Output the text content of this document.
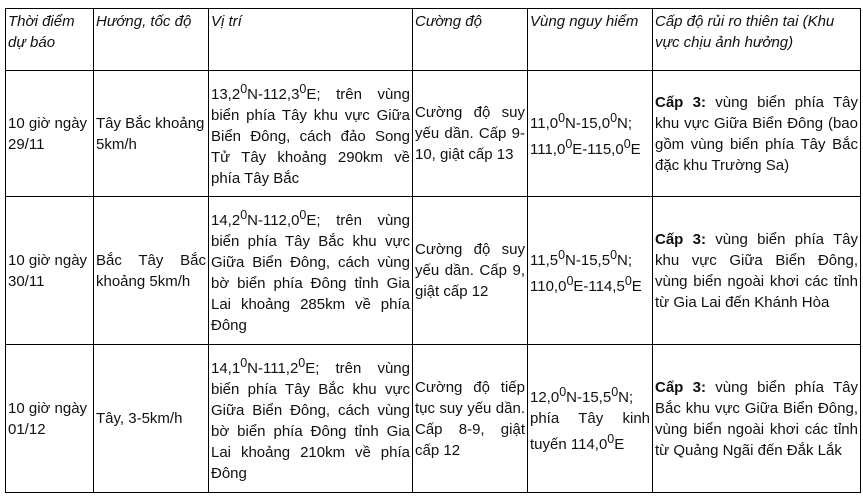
Thời điểm dự báo	Hướng, tốc độ	Vị trí	Cường độ	Vùng nguy hiểm	Cấp độ rủi ro thiên tai (Khu vực chịu ảnh hưởng)
10 giờ ngày 29/11	Tây Bắc khoảng 5km/h	13,2$^0$N-112,3$^0$E; trên vùng biển phía Tây khu vực Giữa Biển Đông, cách đảo Song Tử Tây khoảng 290km về phía Tây Bắc	Cường độ suy yếu dần. Cấp 9-10, giật cấp 13	11,0$^0$N-15,0$^0$N; 111,0$^0$E-115,0$^0$E	Cấp 3: vùng biển phía Tây khu vực Giữa Biển Đông (bao gồm vùng biển phía Tây Bắc đặc khu Trường Sa)
10 giờ ngày 30/11	Bắc Tây Bắc khoảng 5km/h	14,2$^0$N-112,0$^0$E; trên vùng biển phía Tây Bắc khu vực Giữa Biển Đông, cách vùng bờ biển phía Đông tỉnh Gia Lai khoảng 285km về phía Đông	Cường độ suy yếu dần. Cấp 9, giật cấp 12	11,5$^0$N-15,5$^0$N; 110,0$^0$E-114,5$^0$E	Cấp 3: vùng biển phía Tây khu vực Giữa Biển Đông, vùng biển ngoài khơi các tỉnh từ Gia Lai đến Khánh Hòa
10 giờ ngày 01/12	Tây, 3-5km/h	14,1$^0$N-111,2$^0$E; trên vùng biển phía Tây Bắc khu vực Giữa Biển Đông, cách vùng bờ biển phía Đông tỉnh Gia Lai khoảng 210km về phía Đông	Cường độ tiếp tục suy yếu dần. Cấp 8-9, giật cấp 12	12,0$^0$N-15,5$^0$N; phía Tây kinh tuyến 114,0$^0$E	Cấp 3: vùng biển phía Tây Bắc khu vực Giữa Biển Đông, vùng biển ngoài khơi các tỉnh từ Quảng Ngãi đến Đắk Lắk
